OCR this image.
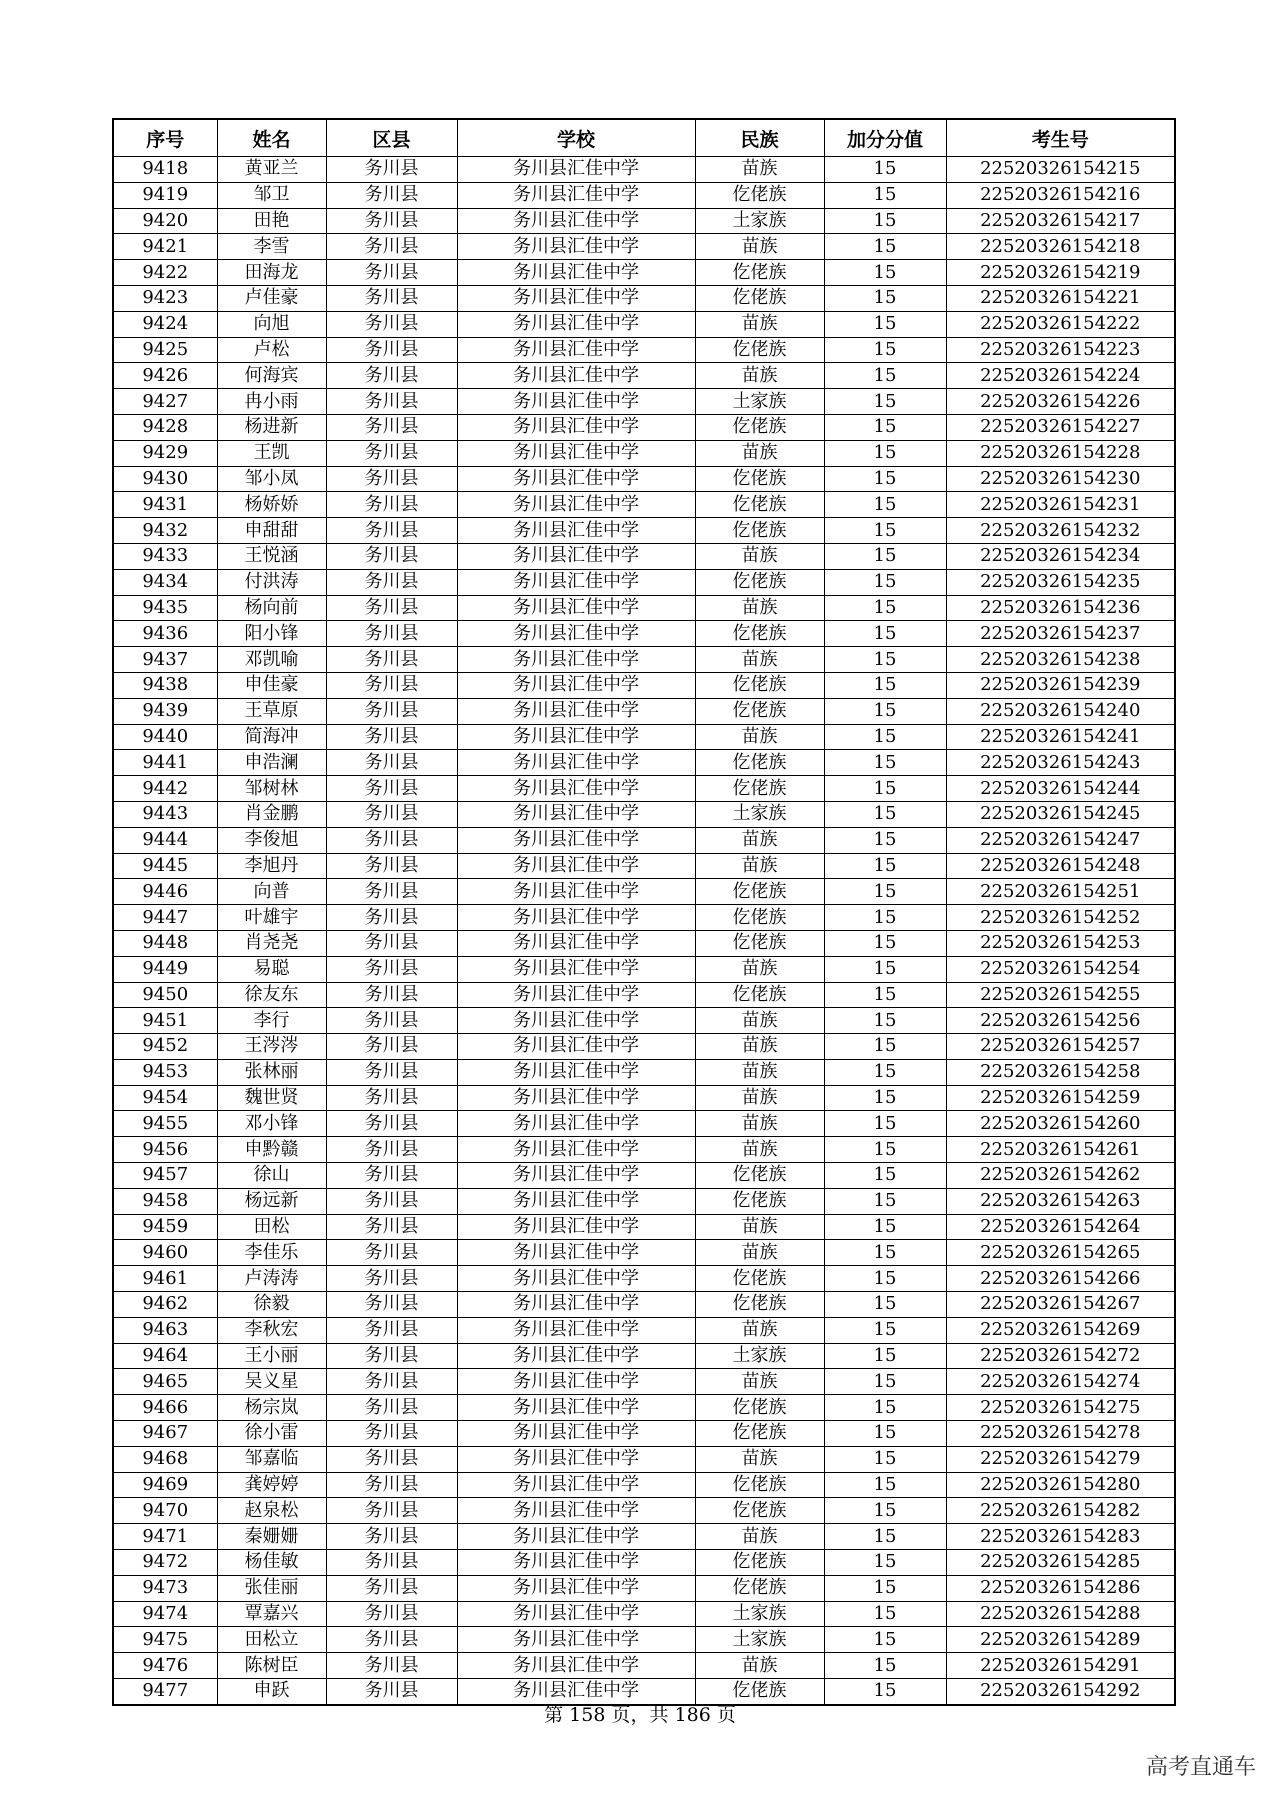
序号	姓名	区县	学校	民族	加分分值	考生号
9418	黄亚兰	务川县	务川县汇佳中学	苗族	15	22520326154215
9419	邹卫	务川县	务川县汇佳中学	仡佬族	15	22520326154216
9420	田艳	务川县	务川县汇佳中学	土家族	15	22520326154217
9421	李雪	务川县	务川县汇佳中学	苗族	15	22520326154218
9422	田海龙	务川县	务川县汇佳中学	仡佬族	15	22520326154219
9423	卢佳豪	务川县	务川县汇佳中学	仡佬族	15	22520326154221
9424	向旭	务川县	务川县汇佳中学	苗族	15	22520326154222
9425	卢松	务川县	务川县汇佳中学	仡佬族	15	22520326154223
9426	何海宾	务川县	务川县汇佳中学	苗族	15	22520326154224
9427	冉小雨	务川县	务川县汇佳中学	土家族	15	22520326154226
9428	杨进新	务川县	务川县汇佳中学	仡佬族	15	22520326154227
9429	王凯	务川县	务川县汇佳中学	苗族	15	22520326154228
9430	邹小凤	务川县	务川县汇佳中学	仡佬族	15	22520326154230
9431	杨娇娇	务川县	务川县汇佳中学	仡佬族	15	22520326154231
9432	申甜甜	务川县	务川县汇佳中学	仡佬族	15	22520326154232
9433	王悦涵	务川县	务川县汇佳中学	苗族	15	22520326154234
9434	付洪涛	务川县	务川县汇佳中学	仡佬族	15	22520326154235
9435	杨向前	务川县	务川县汇佳中学	苗族	15	22520326154236
9436	阳小锋	务川县	务川县汇佳中学	仡佬族	15	22520326154237
9437	邓凯喻	务川县	务川县汇佳中学	苗族	15	22520326154238
9438	申佳豪	务川县	务川县汇佳中学	仡佬族	15	22520326154239
9439	王草原	务川县	务川县汇佳中学	仡佬族	15	22520326154240
9440	简海冲	务川县	务川县汇佳中学	苗族	15	22520326154241
9441	申浩澜	务川县	务川县汇佳中学	仡佬族	15	22520326154243
9442	邹树林	务川县	务川县汇佳中学	仡佬族	15	22520326154244
9443	肖金鹏	务川县	务川县汇佳中学	土家族	15	22520326154245
9444	李俊旭	务川县	务川县汇佳中学	苗族	15	22520326154247
9445	李旭丹	务川县	务川县汇佳中学	苗族	15	22520326154248
9446	向普	务川县	务川县汇佳中学	仡佬族	15	22520326154251
9447	叶雄宇	务川县	务川县汇佳中学	仡佬族	15	22520326154252
9448	肖尧尧	务川县	务川县汇佳中学	仡佬族	15	22520326154253
9449	易聪	务川县	务川县汇佳中学	苗族	15	22520326154254
9450	徐友东	务川县	务川县汇佳中学	仡佬族	15	22520326154255
9451	李行	务川县	务川县汇佳中学	苗族	15	22520326154256
9452	王涔涔	务川县	务川县汇佳中学	苗族	15	22520326154257
9453	张林丽	务川县	务川县汇佳中学	苗族	15	22520326154258
9454	魏世贤	务川县	务川县汇佳中学	苗族	15	22520326154259
9455	邓小锋	务川县	务川县汇佳中学	苗族	15	22520326154260
9456	申黔赣	务川县	务川县汇佳中学	苗族	15	22520326154261
9457	徐山	务川县	务川县汇佳中学	仡佬族	15	22520326154262
9458	杨远新	务川县	务川县汇佳中学	仡佬族	15	22520326154263
9459	田松	务川县	务川县汇佳中学	苗族	15	22520326154264
9460	李佳乐	务川县	务川县汇佳中学	苗族	15	22520326154265
9461	卢涛涛	务川县	务川县汇佳中学	仡佬族	15	22520326154266
9462	徐毅	务川县	务川县汇佳中学	仡佬族	15	22520326154267
9463	李秋宏	务川县	务川县汇佳中学	苗族	15	22520326154269
9464	王小丽	务川县	务川县汇佳中学	土家族	15	22520326154272
9465	吴义星	务川县	务川县汇佳中学	苗族	15	22520326154274
9466	杨宗岚	务川县	务川县汇佳中学	仡佬族	15	22520326154275
9467	徐小雷	务川县	务川县汇佳中学	仡佬族	15	22520326154278
9468	邹嘉临	务川县	务川县汇佳中学	苗族	15	22520326154279
9469	龚婷婷	务川县	务川县汇佳中学	仡佬族	15	22520326154280
9470	赵泉松	务川县	务川县汇佳中学	仡佬族	15	22520326154282
9471	秦姗姗	务川县	务川县汇佳中学	苗族	15	22520326154283
9472	杨佳敏	务川县	务川县汇佳中学	仡佬族	15	22520326154285
9473	张佳丽	务川县	务川县汇佳中学	仡佬族	15	22520326154286
9474	覃嘉兴	务川县	务川县汇佳中学	土家族	15	22520326154288
9475	田松立	务川县	务川县汇佳中学	土家族	15	22520326154289
9476	陈树臣	务川县	务川县汇佳中学	苗族	15	22520326154291
9477	申跃	务川县	务川县汇佳中学	仡佬族	15	22520326154292
第 158 页，共 186 页
高考直通车
